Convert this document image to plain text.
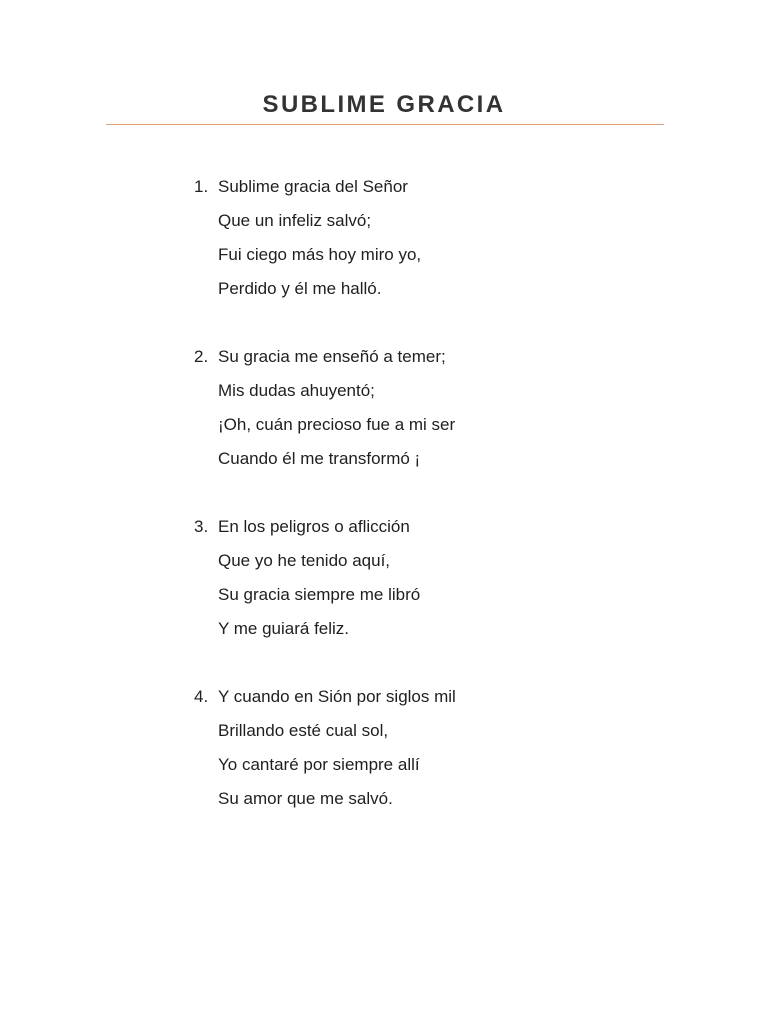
SUBLIME GRACIA
1. Sublime gracia del Señor
Que un infeliz salvó;
Fui ciego más hoy miro yo,
Perdido y él me halló.
2. Su gracia me enseñó a temer;
Mis dudas ahuyentó;
¡Oh, cuán precioso fue a mi ser
Cuando él me transformó ¡
3. En los peligros o aflicción
Que yo he tenido aquí,
Su gracia siempre me libró
Y me guiará feliz.
4. Y cuando en Sión por siglos mil
Brillando esté cual sol,
Yo cantaré por siempre allí
Su amor que me salvó.
